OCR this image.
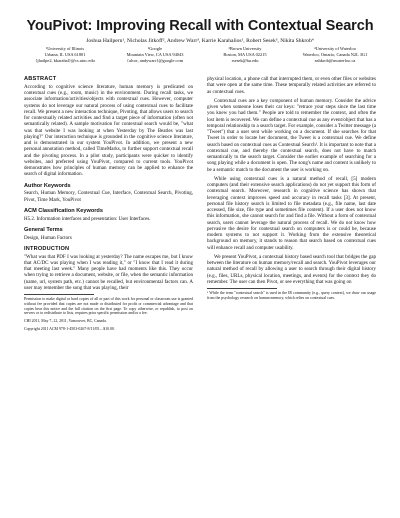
YouPivot: Improving Recall with Contextual Search
Joshua Hailpern¹, Nicholas Jitkoff², Andrew Warr³, Karrie Karahalios¹, Robert Sesek³, Nikita Shkrob⁴
¹University of Illinois	²Google	³Brown University	⁴University of Waterloo
Urbana, IL USA 61801	Mountain View, CA USA 94043	Boston, MA USA 02215	Waterloo, Ontario, Canada N2L 3G1
{jhailpe2, kkarahal}@cs.uiuc.edu	{alcor, andywarr}@google.com	rsesek@bu.edu	nshkrob@uwaterloo.ca
ABSTRACT

According to cognitive science literature, human memory is predicated on contextual cues (e.g., room, music) in the environment. During recall tasks, we associate information/activities/objects with contextual cues. However, computer systems do not leverage our natural process of using contextual cues to facilitate recall. We present a new interaction technique, Pivoting, that allows users to search for contextually related activities and find a target piece of information (often not semantically related). A sample motivation for contextual search would be, "what was that website I was looking at when Yesterday by The Beatles was last playing?" Our interaction technique is grounded in the cognitive science literature, and is demonstrated in our system YouPivot. In addition, we present a new personal annotation method, called TimeMarks, to further support contextual recall and the pivoting process. In a pilot study, participants were quicker to identify websites, and preferred using YouPivot, compared to current tools. YouPivot demonstrates how principles of human memory can be applied to enhance the search of digital information.

Author Keywords

Search, Human Memory, Contextual Cue, Interface, Contextual Search, Pivoting, Pivot, Time Mark, YouPivot

ACM Classification Keywords

H5.2. Information interfaces and presentation: User Interfaces.

General Terms

Design, Human Factors

INTRODUCTION

"What was that PDF I was looking at yesterday? The name escapes me, but I know that AC/DC was playing when I was reading it," or "I know that I read it during that meeting last week." Many people have had moments like this. They occur when trying to retrieve a document, website, or file, when the semantic information (name, url, system path, etc.) cannot be recalled, but environmental factors can. A user may remember the song that was playing, their

Permission to make digital or hard copies of all or part of this work for personal or classroom use is granted without fee provided that copies are not made or distributed for profit or commercial advantage and that copies bear this notice and the full citation on the first page. To copy otherwise, or republish, to post on servers or to redistribute to lists, requires prior specific permission and/or a fee.

CHI 2011, May 7–12, 2011, Vancouver, BC, Canada.

Copyright 2011 ACM 978-1-4503-0267-8/11/05....$10.00.

physical location, a phone call that interrupted them, or even other files or websites that were open at the same time. These temporally related activities are referred to as contextual cues.

Contextual cues are a key component of human memory. Consider the advice given when someone loses their car keys: "retrace your steps since the last time you knew you had them." People are told to remember the context, and often the lost item is recovered. We can define a contextual cue as any event/object that has a temporal relationship to a search target. For example, consider a Twitter message (a "Tweet") that a user sent while working on a document. If she searches for that Tweet in order to locate her document, the Tweet is a contextual cue. We define search based on contextual cues as Contextual Search¹. It is important to note that a contextual cue, and thereby the contextual search, does not have to match semantically to the search target. Consider the earlier example of searching for a song playing while a document is open. The song's name and content is unlikely to be a semantic match to the document the user is working on.

While using contextual cues is a natural method of recall, [5] modern computers (and their extensive search applications) do not yet support this form of contextual search. Moreover, research in cognitive science has shown that leveraging context improves speed and accuracy in recall tasks [3]. At present, personal file history search is limited to file metadata (e.g., file name, last date accessed, file size, file type and sometimes file content). If a user does not know this information, she cannot search for and find a file. Without a form of contextual search, users cannot leverage the natural process of recall. We do not know how pervasive the desire for contextual search on computers is or could be, because modern systems to not support it. Working from the extensive theoretical background on memory, it stands to reason that search based on contextual cues will enhance recall and computer usability.

We present YouPivot, a contextual history based search tool that bridges the gap between the literature on human memory/recall and search. YouPivot leverages our natural method of recall by allowing a user to search through their digital history (e.g., files, URLs, physical location, meetings, and events) for the context they do remember. The user can then Pivot, or see everything that was going on

¹ While the term "contextual search" is used in the IR community (e.g., query context), we draw our usage from the psychology research on human memory, which relies on contextual cues.
